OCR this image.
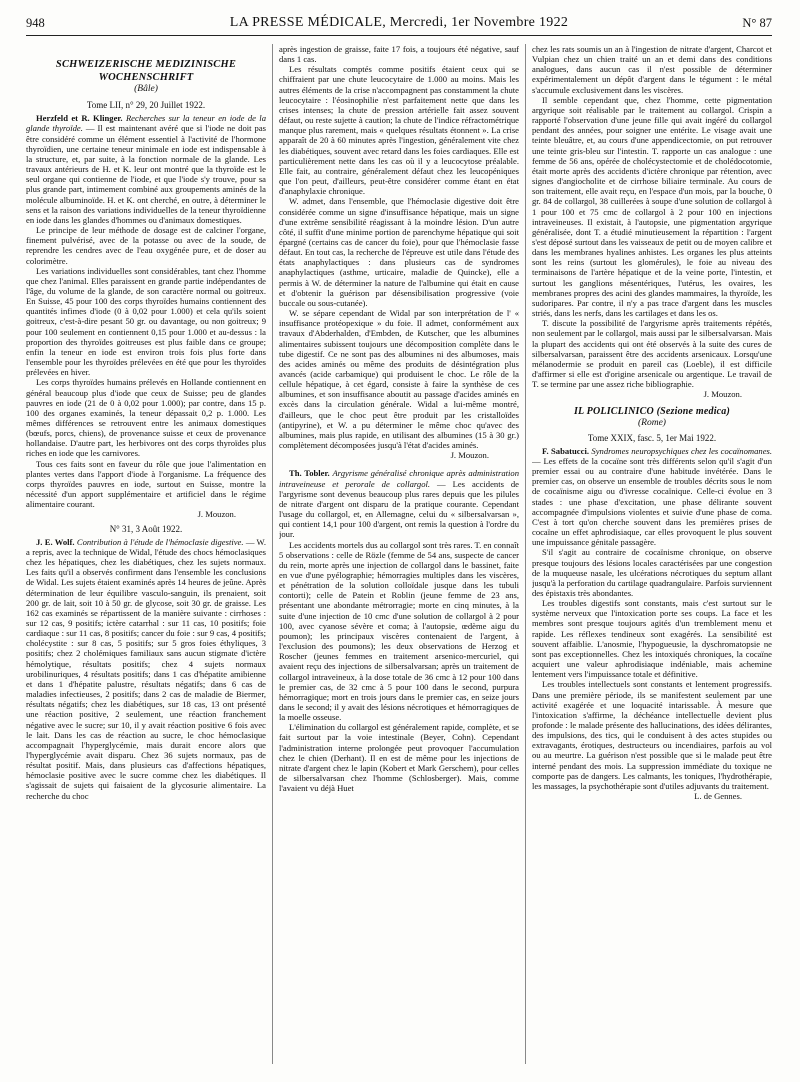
948	LA PRESSE MÉDICALE, Mercredi, 1er Novembre 1922	N° 87
SCHWEIZERISCHE MEDIZINISCHE WOCHENSCHRIFT
(Bâle)
Tome LII, n° 29, 20 Juillet 1922.

Herzfeld et R. Klinger. Recherches sur la teneur en iode de la glande thyroïde. — Il est maintenant avéré que si l'iode ne doit pas être considéré comme un élément essentiel à l'activité de l'hormone thyroïdien, une certaine teneur minimale en iode est indispensable à la structure, et, par suite, à la fonction normale de la glande. Les travaux antérieurs de H. et K. leur ont montré que la thyroïde est le seul organe qui contienne de l'iode, et que l'iode s'y trouve, pour sa plus grande part, intimement combiné aux groupements aminés de la molécule albuminoïde. H. et K. ont cherché, en outre, à déterminer le sens et la raison des variations individuelles de la teneur thyroïdienne en iode dans les glandes d'hommes ou d'animaux domestiques.

Le principe de leur méthode de dosage est de calciner l'organe, finement pulvérisé, avec de la potasse ou avec de la soude, de reprendre les cendres avec de l'eau oxygénée pure, et de doser au colorimètre.

Les variations individuelles sont considérables, tant chez l'homme que chez l'animal. Elles paraissent en grande partie indépendantes de l'âge, du volume de la glande, de son caractère normal ou goitreux. En Suisse, 45 pour 100 des corps thyroïdes humains contiennent des quantités infimes d'iode (0 à 0,02 pour 1.000) et cela qu'ils soient goitreux, c'est-à-dire pesant 50 gr. ou davantage, ou non goitreux; 9 pour 100 seulement en contiennent 0,15 pour 1.000 et au-dessus : la proportion des thyroïdes goitreuses est plus faible dans ce groupe; enfin la teneur en iode est environ trois fois plus forte dans l'ensemble pour les thyroïdes prélevées en été que pour les thyroïdes prélevées en hiver.

Les corps thyroïdes humains prélevés en Hollande contiennent en général beaucoup plus d'iode que ceux de Suisse; peu de glandes pauvres en iode (21 de 0 à 0,02 pour 1.000); par contre, dans 15 p. 100 des organes examinés, la teneur dépassait 0,2 p. 1.000. Les mêmes différences se retrouvent entre les animaux domestiques (bœufs, porcs, chiens), de provenance suisse et ceux de provenance hollandaise. D'autre part, les herbivores ont des corps thyroïdes plus riches en iode que les carnivores.

Tous ces faits sont en faveur du rôle que joue l'alimentation en plantes vertes dans l'apport d'iode à l'organisme. La fréquence des corps thyroïdes pauvres en iode, surtout en Suisse, montre la nécessité d'un apport supplémentaire et artificiel dans le régime alimentaire courant.

J. Mouzon.
N° 31, 3 Août 1922.

J. E. Wolf. Contribution à l'étude de l'hémoclasie digestive. — W. a repris, avec la technique de Widal, l'étude des chocs hémoclasiques chez les hépatiques, chez les diabétiques, chez les sujets normaux. Les faits qu'il a observés confirment dans l'ensemble les conclusions de Widal. Les sujets étaient examinés après 14 heures de jeûne. Après détermination de leur équilibre vasculo-sanguin, ils prenaient, soit 200 gr. de lait, soit 10 à 50 gr. de glycose, soit 30 gr. de graisse. Les 162 cas examinés se répartissent de la manière suivante : cirrhoses : sur 12 cas, 9 positifs; ictère catarrhal : sur 11 cas, 10 positifs; foie cardiaque : sur 11 cas, 8 positifs; cancer du foie : sur 9 cas, 4 positifs; cholécystite : sur 8 cas, 5 positifs; sur 5 gros foies éthyliques, 3 positifs; chez 2 cholémiques familiaux sans aucun stigmate d'ictère hémolytique, résultats positifs; chez 4 sujets normaux urobilinuriques, 4 résultats positifs; dans 1 cas d'hépatite amibienne et dans 1 d'hépatite palustre, résultats négatifs; dans 6 cas de maladies infectieuses, 2 positifs; dans 2 cas de maladie de Biermer, résultats négatifs; chez les diabétiques, sur 18 cas, 13 ont présenté une réaction positive, 2 seulement, une réaction franchement négative avec le sucre; sur 10, il y avait réaction positive 6 fois avec le lait. Dans les cas de réaction au sucre, le choc hémoclasique accompagnait l'hyperglycémie, mais durait encore alors que l'hyperglycémie avait disparu. Chez 36 sujets normaux, pas de résultat positif. Mais, dans plusieurs cas d'affections hépatiques, hémoclasie positive avec le sucre comme chez les diabétiques. Il s'agissait de sujets qui faisaient de la glycosurie alimentaire. La recherche du choc

après ingestion de graisse, faite 17 fois, a toujours été négative, sauf dans 1 cas.

Les résultats comptés comme positifs étaient ceux qui se chiffraient par une chute leucocytaire de 1.000 au moins. Mais les autres éléments de la crise n'accompagnent pas constamment la chute leucocytaire : l'éosinophilie n'est parfaitement nette que dans les crises intenses; la chute de pression artérielle fait assez souvent défaut, ou reste sujette à caution; la chute de l'indice réfractométrique manque plus rarement, mais « quelques résultats étonnent ». La crise apparaît de 20 à 60 minutes après l'ingestion, généralement vite chez les diabétiques, souvent avec retard dans les foies cardiaques. Elle est particulièrement nette dans les cas où il y a leucocytose préalable. Elle fait, au contraire, généralement défaut chez les leucopéniques que l'on peut, d'ailleurs, peut-être considérer comme étant en état d'anaphylaxie chronique.

W. admet, dans l'ensemble, que l'hémoclasie digestive doit être considérée comme un signe d'insuffisance hépatique, mais un signe d'une extrême sensibilité réagissant à la moindre lésion. D'un autre côté, il suffit d'une minime portion de parenchyme hépatique qui soit épargné (certains cas de cancer du foie), pour que l'hémoclasie fasse défaut. En tout cas, la recherche de l'épreuve est utile dans l'étude des états anaphylactiques : dans plusieurs cas de syndromes anaphylactiques (asthme, urticaire, maladie de Quincke), elle a permis à W. de déterminer la nature de l'albumine qui était en cause et d'obtenir la guérison par désensibilisation progressive (voie buccale ou sous-cutanée).

W. se sépare cependant de Widal par son interprétation de l' « insuffisance protéopexique » du foie. Il admet, conformément aux travaux d'Abderhalden, d'Embden, de Kutscher, que les albumines alimentaires subissent toujours une décomposition complète dans le tube digestif. Ce ne sont pas des albumines ni des albumoses, mais des acides aminés ou même des produits de désintégration plus avancés (acide carbamique) qui produisent le choc. Le rôle de la cellule hépatique, à cet égard, consiste à faire la synthèse de ces albumines, et son insuffisance aboutit au passage d'acides aminés en excès dans la circulation générale. Widal a lui-même montré, d'ailleurs, que le choc peut être produit par les cristalloïdes (antipyrine), et W. a pu déterminer le même choc qu'avec des albumines, mais plus rapide, en utilisant des albumines (15 à 30 gr.) complètement décomposées jusqu'à l'état d'acides aminés.

J. Mouzon.

Th. Tobler. Argyrisme généralisé chronique après administration intraveineuse et perorale de collargol. — Les accidents de l'argyrisme sont devenus beaucoup plus rares depuis que les pilules de nitrate d'argent ont disparu de la pratique courante. Cependant l'usage du collargol, et, en Allemagne, celui du « silbersalvarsan », qui contient 14,1 pour 100 d'argent, ont remis la question à l'ordre du jour.

Les accidents mortels dus au collargol sont très rares. T. en connaît 5 observations : celle de Rözle (femme de 54 ans, suspecte de cancer du rein, morte après une injection de collargol dans le bassinet, faite en vue d'une pyélographie; hémorragies multiples dans les viscères, et pénétration de la solution colloïdale jusque dans les tubuli contorti); celle de Patein et Roblin (jeune femme de 23 ans, présentant une abondante métrorragie; morte en cinq minutes, à la suite d'une injection de 10 cmc d'une solution de collargol à 2 pour 100, avec cyanose sévère et coma; à l'autopsie, œdème aigu du poumon); les principaux viscères contenaient de l'argent, à l'exclusion des poumons); les deux observations de Herzog et Roscher (jeunes femmes en traitement arsenico-mercuriel, qui avaient reçu des injections de silbersalvarsan; après un traitement de collargol intraveineux, à la dose totale de 36 cmc à 12 pour 100 dans le premier cas, de 32 cmc à 5 pour 100 dans le second, purpura hémorragique; mort en trois jours dans le premier cas, en seize jours dans le second; il y avait des lésions nécrotiques et hémorragiques de la moelle osseuse.

L'élimination du collargol est généralement rapide, complète, et se fait surtout par la voie intestinale (Beyer, Cohn). Cependant l'administration interne prolongée peut provoquer l'accumulation chez le chien (Derhant). Il en est de même pour les injections de nitrate d'argent chez le lapin (Kobert et Mark Gerschem), pour celles de silbersalvarsan chez l'homme (Schlosberger). Mais, comme l'avaient vu déjà Huet

chez les rats soumis un an à l'ingestion de nitrate d'argent, Charcot et Vulpian chez un chien traité un an et demi dans des conditions analogues, dans aucun cas il n'est possible de déterminer expérimentalement un dépôt d'argent dans le tégument : le métal s'accumule exclusivement dans les viscères.

Il semble cependant que, chez l'homme, cette pigmentation argyrique soit réalisable par le traitement au collargol. Crispin a rapporté l'observation d'une jeune fille qui avait ingéré du collargol pendant des années, pour soigner une entérite. Le visage avait une teinte bleuâtre, et, au cours d'une appendicectomie, on put retrouver une teinte gris-bleu sur l'intestin. T. rapporte un cas analogue : une femme de 56 ans, opérée de cholécystectomie et de cholédocotomie, était morte après des accidents d'ictère chronique par rétention, avec signes d'angiocholite et de cirrhose biliaire terminale. Au cours de son traitement, elle avait reçu, en l'espace d'un mois, par la bouche, 0 gr. 84 de collargol, 38 cuillerées à soupe d'une solution de collargol à 1 pour 100 et 75 cmc de collargol à 2 pour 100 en injections intraveineuses. Il existait, à l'autopsie, une pigmentation argyrique généralisée, dont T. a étudié minutieusement la répartition : l'argent s'est déposé surtout dans les vaisseaux de petit ou de moyen calibre et dans les membranes hyalines anhistes. Les organes les plus atteints sont les reins (surtout les glomérules), le foie au niveau des terminaisons de l'artère hépatique et de la veine porte, l'intestin, et surtout les ganglions mésentériques, l'utérus, les ovaires, les membranes propres des acini des glandes mammaires, la thyroïde, les sudoripares. Par contre, il n'y a pas trace d'argent dans les muscles striés, dans les nerfs, dans les cartilages et dans les os.

T. discute la possibilité de l'argyrisme après traitements répétés, non seulement par le collargol, mais aussi par le silbersalvarsan. Mais la plupart des accidents qui ont été observés à la suite des cures de silbersalvarsan, paraissent être des accidents arsenicaux. Lorsqu'une mélanodermie se produit en pareil cas (Loeble), il est difficile d'affirmer si elle est d'origine arsenicale ou argentique. Le travail de T. se termine par une assez riche bibliographie.

J. Mouzon.
IL POLICLINICO (Sezione medica)
(Rome)
Tome XXIX, fasc. 5, 1er Mai 1922.

F. Sabatucci. Syndromes neuropsychiques chez les cocaïnomanes. — Les effets de la cocaïne sont très différents selon qu'il s'agit d'un premier essai ou au contraire d'une habitude invétérée. Dans le premier cas, on observe un ensemble de troubles décrits sous le nom de cocaïnisme aigu ou d'ivresse cocaïnique. Celle-ci évolue en 3 stades : une phase d'excitation, une phase délirante souvent accompagnée d'impulsions violentes et suivie d'une phase de coma. C'est à tort qu'on cherche souvent dans les premières prises de cocaïne un effet aphrodisiaque, car elles provoquent le plus souvent une impuissance génitale passagère.

S'il s'agit au contraire de cocaïnisme chronique, on observe presque toujours des lésions locales caractérisées par une congestion de la muqueuse nasale, les ulcérations nécrotiques du septum allant jusqu'à la perforation du cartilage quadrangulaire. Parfois surviennent des épistaxis très abondantes.

Les troubles digestifs sont constants, mais c'est surtout sur le système nerveux que l'intoxication porte ses coups. La face et les membres sont presque toujours agités d'un tremblement menu et rapide. Les réflexes tendineux sont exagérés. La sensibilité est souvent affaiblie. L'anosmie, l'hypogueusie, la dyschromatopsie ne sont pas exceptionnelles. Chez les intoxiqués chroniques, la cocaïne acquiert une valeur aphrodisiaque indéniable, mais achemine lentement vers l'impuissance totale et définitive.

Les troubles intellectuels sont constants et lentement progressifs. Dans une première période, ils se manifestent seulement par une activité exagérée et une loquacité intarissable. À mesure que l'intoxication s'affirme, la déchéance intellectuelle devient plus profonde : le malade présente des hallucinations, des idées délirantes, des impulsions, des tics, qui le conduisent à des actes stupides ou extravagants, érotiques, destructeurs ou incendiaires, parfois au vol ou au meurtre. La guérison n'est possible que si le malade peut être interné pendant des mois. La suppression immédiate du toxique ne comporte pas de dangers. Les calmants, les toniques, l'hydrothérapie, les massages, la psychothérapie sont d'utiles adjuvants du traitement.

L. de Gennes.
